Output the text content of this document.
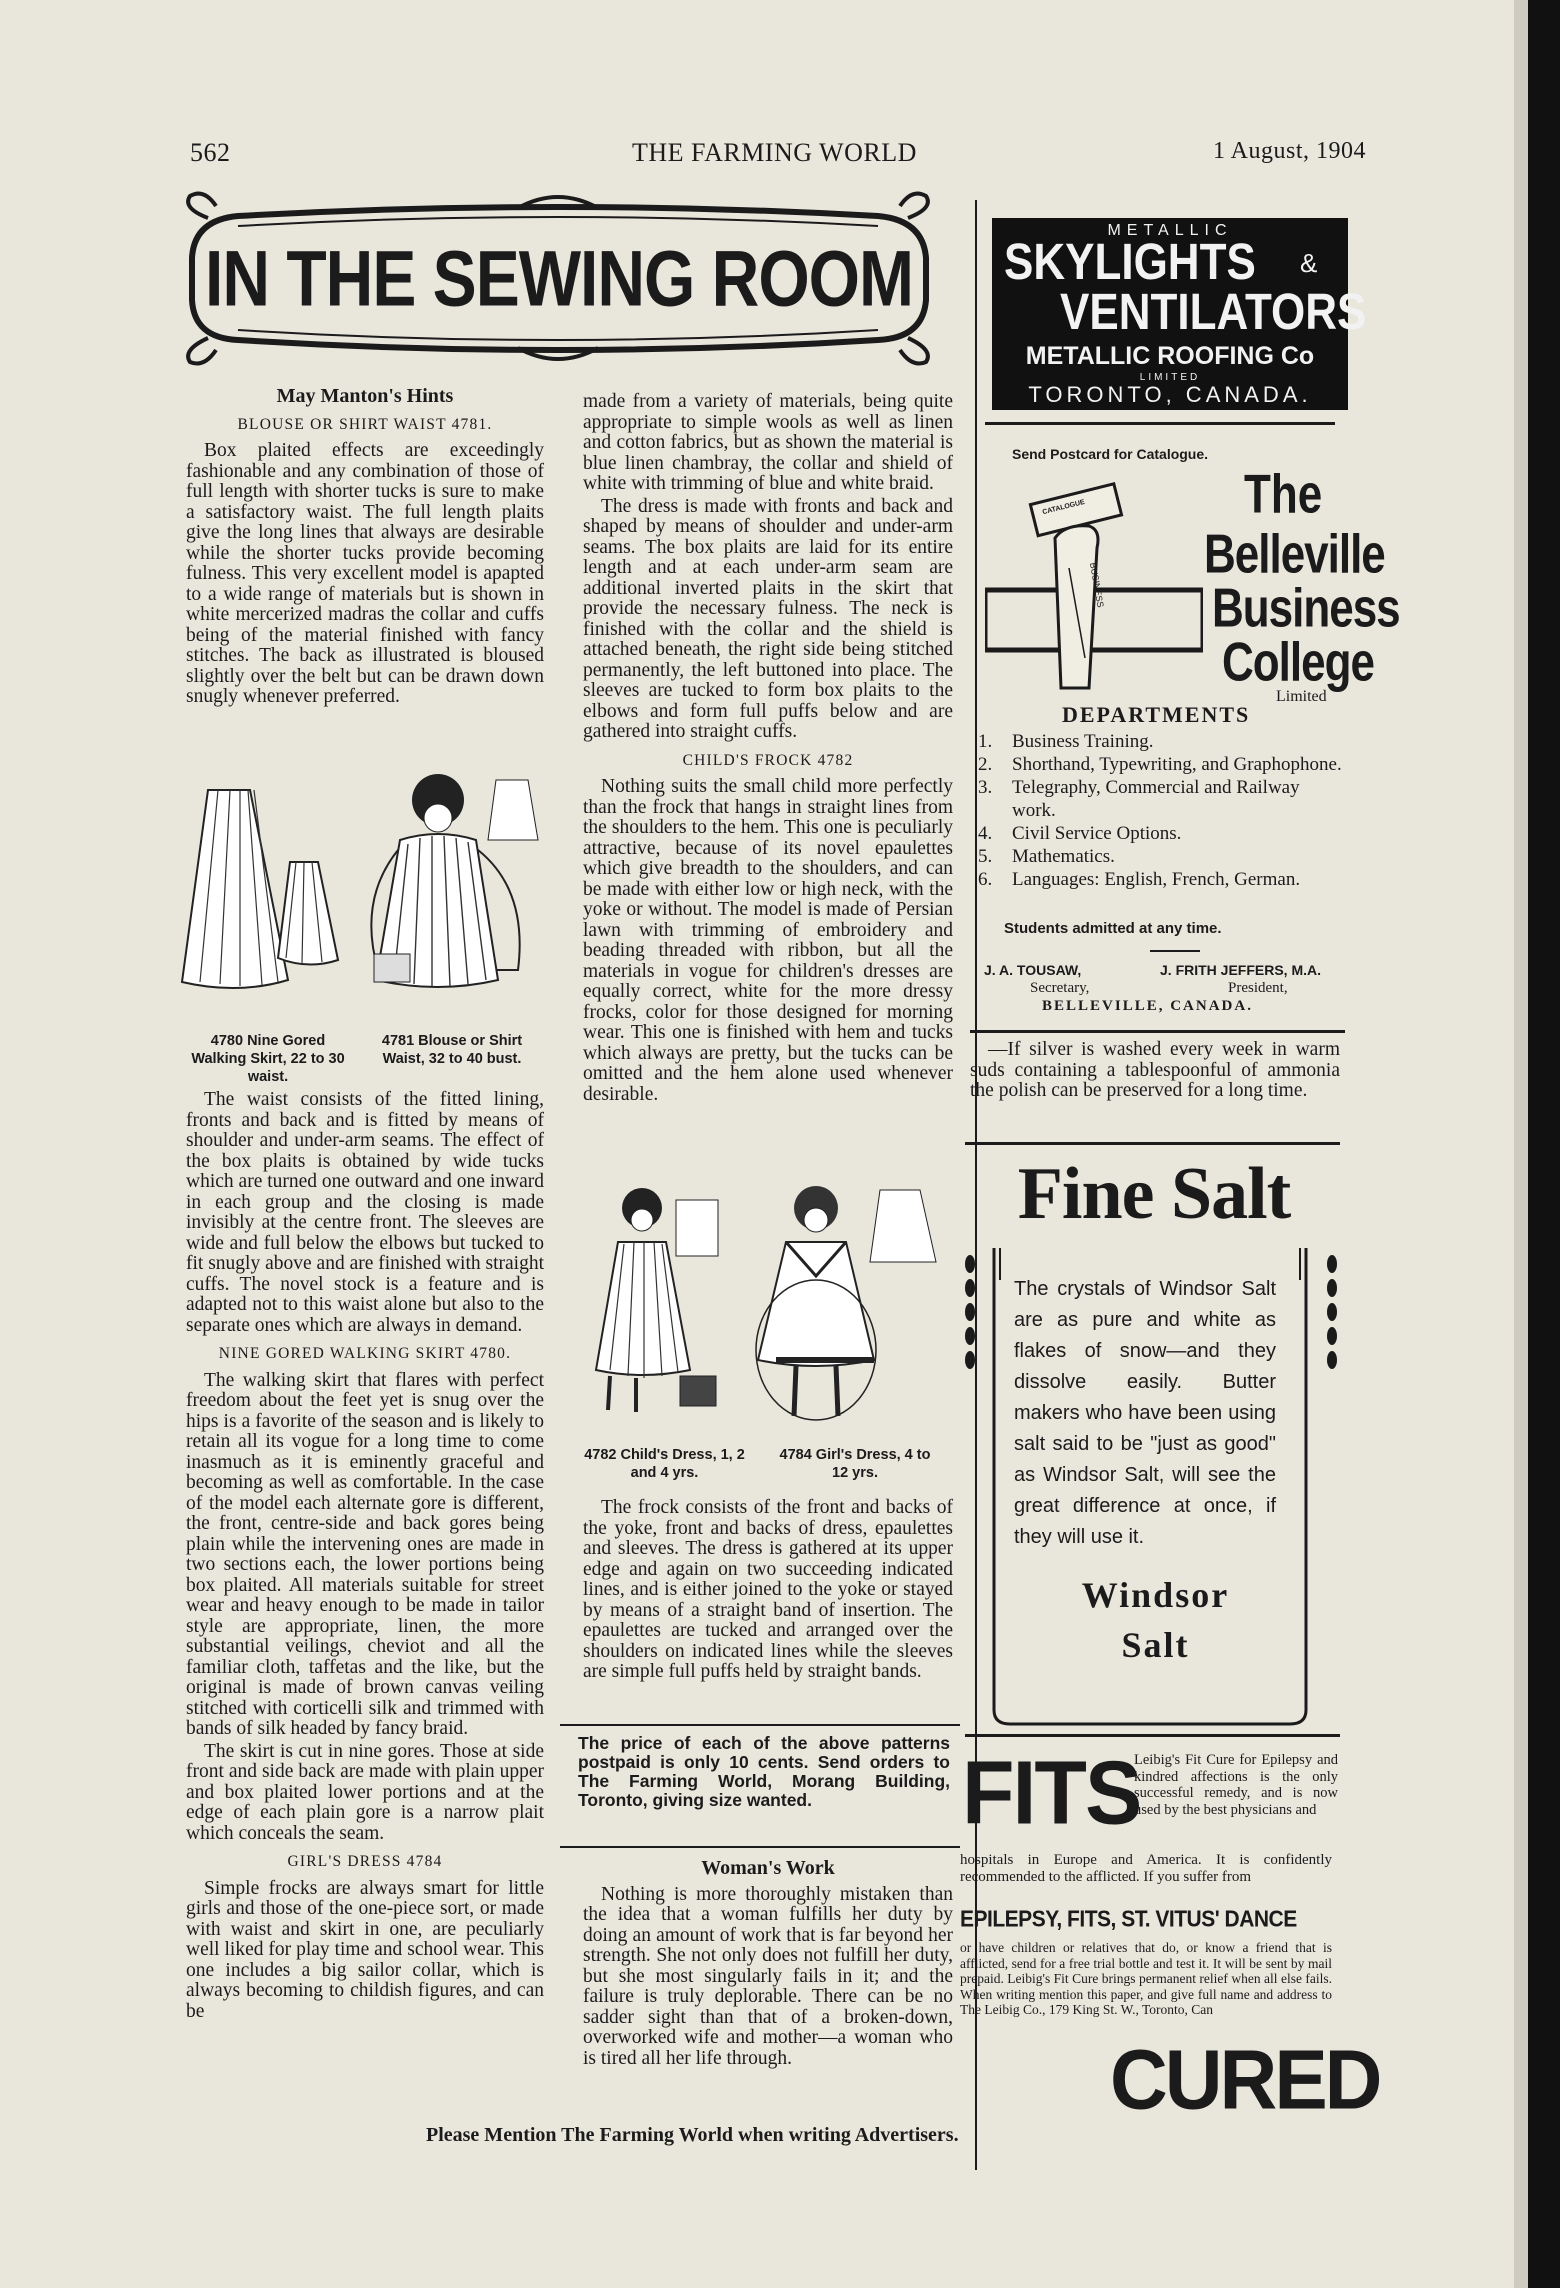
562	THE FARMING WORLD	1 August, 1904
IN THE SEWING ROOM
May Manton's Hints
BLOUSE OR SHIRT WAIST 4781.

Box plaited effects are exceedingly fashionable and any combination of those of full length with shorter tucks is sure to make a satisfactory waist. The full length plaits give the long lines that always are desirable while the shorter tucks provide becoming fulness. This very excellent model is apapted to a wide range of materials but is shown in white mercerized madras the collar and cuffs being of the material finished with fancy stitches. The back as illustrated is bloused slightly over the belt but can be drawn down snugly whenever preferred.

4780 Nine Gored Walking Skirt, 22 to 30 waist.
4781 Blouse or Shirt Waist, 32 to 40 bust.

The waist consists of the fitted lining, fronts and back and is fitted by means of shoulder and under-arm seams. The effect of the box plaits is obtained by wide tucks which are turned one outward and one inward in each group and the closing is made invisibly at the centre front. The sleeves are wide and full below the elbows but tucked to fit snugly above and are finished with straight cuffs. The novel stock is a feature and is adapted not to this waist alone but also to the separate ones which are always in demand.

NINE GORED WALKING SKIRT 4780.

The walking skirt that flares with perfect freedom about the feet yet is snug over the hips is a favorite of the season and is likely to retain all its vogue for a long time to come inasmuch as it is eminently graceful and becoming as well as comfortable. In the case of the model each alternate gore is different, the front, centre-side and back gores being plain while the intervening ones are made in two sections each, the lower portions being box plaited. All materials suitable for street wear and heavy enough to be made in tailor style are appropriate, linen, the more substantial veilings, cheviot and all the familiar cloth, taffetas and the like, but the original is made of brown canvas veiling stitched with corticelli silk and trimmed with bands of silk headed by fancy braid.

The skirt is cut in nine gores. Those at side front and side back are made with plain upper and box plaited lower portions and at the edge of each plain gore is a narrow plait which conceals the seam.

GIRL'S DRESS 4784

Simple frocks are always smart for little girls and those of the one-piece sort, or made with waist and skirt in one, are peculiarly well liked for play time and school wear. This one includes a big sailor collar, which is always becoming to childish figures, and can be

made from a variety of materials, being quite appropriate to simple wools as well as linen and cotton fabrics, but as shown the material is blue linen chambray, the collar and shield of white with trimming of blue and white braid.

The dress is made with fronts and back and shaped by means of shoulder and under-arm seams. The box plaits are laid for its entire length and at each under-arm seam are additional inverted plaits in the skirt that provide the necessary fulness. The neck is finished with the collar and the shield is attached beneath, the right side being stitched permanently, the left buttoned into place. The sleeves are tucked to form box plaits to the elbows and form full puffs below and are gathered into straight cuffs.

CHILD'S FROCK 4782

Nothing suits the small child more perfectly than the frock that hangs in straight lines from the shoulders to the hem. This one is peculiarly attractive, because of its novel epaulettes which give breadth to the shoulders, and can be made with either low or high neck, with the yoke or without. The model is made of Persian lawn with trimming of embroidery and beading threaded with ribbon, but all the materials in vogue for children's dresses are equally correct, white for the more dressy frocks, color for those designed for morning wear. This one is finished with hem and tucks which always are pretty, but the tucks can be omitted and the hem alone used whenever desirable.

4782 Child's Dress, 1, 2 and 4 yrs.
4784 Girl's Dress, 4 to 12 yrs.

The frock consists of the front and backs of the yoke, front and backs of dress, epaulettes and sleeves. The dress is gathered at its upper edge and again on two succeeding indicated lines, and is either joined to the yoke or stayed by means of a straight band of insertion. The epaulettes are tucked and arranged over the shoulders on indicated lines while the sleeves are simple full puffs held by straight bands.

The price of each of the above patterns postpaid is only 10 cents. Send orders to The Farming World, Morang Building, Toronto, giving size wanted.
Woman's Work

Nothing is more thoroughly mistaken than the idea that a woman fulfills her duty by doing an amount of work that is far beyond her strength. She not only does not fulfill her duty, but she most singularly fails in it; and the failure is truly deplorable. There can be no sadder sight than that of a broken-down, overworked wife and mother—a woman who is tired all her life through.

METALLIC
SKYLIGHTS &
VENTILATORS
METALLIC ROOFING Co
LIMITED
TORONTO, CANADA.
Send Postcard for Catalogue.
CATALOGUE
BUSINESS
The
Belleville
Business
College
Limited
DEPARTMENTS
1.	Business Training.
2.	Shorthand, Typewriting, and Graphophone.
3.	Telegraphy, Commercial and Railway work.
4.	Civil Service Options.
5.	Mathematics.
6.	Languages: English, French, German.
Students admitted at any time.
J. A. TOUSAW,
Secretary,
J. FRITH JEFFERS, M.A.
President,
BELLEVILLE, CANADA.

—If silver is washed every week in warm suds containing a tablespoonful of ammonia the polish can be preserved for a long time.

Fine Salt
The crystals of Windsor Salt are as pure and white as flakes of snow—and they dissolve easily. Butter makers who have been using salt said to be "just as good" as Windsor Salt, will see the great difference at once, if they will use it.
Windsor
Salt
FITS
Leibig's Fit Cure for Epilepsy and kindred affections is the only successful remedy, and is now used by the best physicians and
hospitals in Europe and America. It is confidently recommended to the afflicted. If you suffer from
EPILEPSY, FITS, ST. VITUS' DANCE
or have children or relatives that do, or know a friend that is afflicted, send for a free trial bottle and test it. It will be sent by mail prepaid. Leibig's Fit Cure brings permanent relief when all else fails. When writing mention this paper, and give full name and address to The Leibig Co., 179 King St. W., Toronto, Can
CURED
Please Mention The Farming World when writing Advertisers.
